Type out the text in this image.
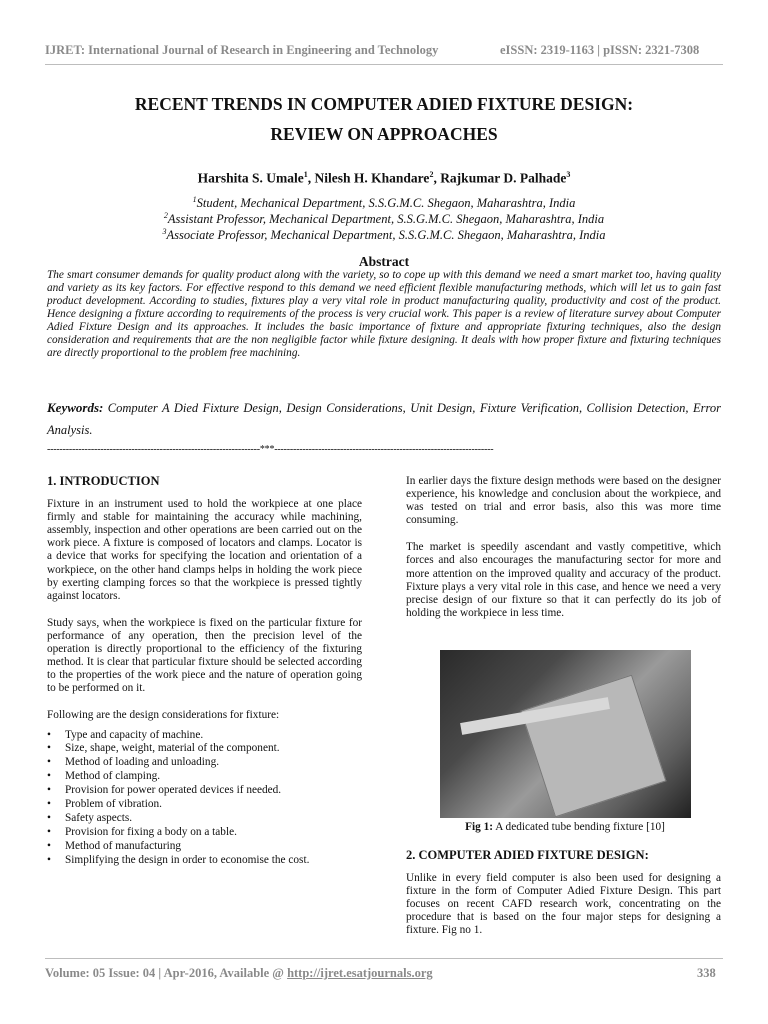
IJRET: International Journal of Research in Engineering and Technology	eISSN: 2319-1163 | pISSN: 2321-7308
RECENT TRENDS IN COMPUTER ADIED FIXTURE DESIGN:
REVIEW ON APPROACHES
Harshita S. Umale$^1$, Nilesh H. Khandare$^2$, Rajkumar D. Palhade$^3$
$^1$Student, Mechanical Department, S.S.G.M.C. Shegaon, Maharashtra, India
$^2$Assistant Professor, Mechanical Department, S.S.G.M.C. Shegaon, Maharashtra, India
$^3$Associate Professor, Mechanical Department, S.S.G.M.C. Shegaon, Maharashtra, India
Abstract
The smart consumer demands for quality product along with the variety, so to cope up with this demand we need a smart market too, having quality and variety as its key factors. For effective respond to this demand we need efficient flexible manufacturing methods, which will let us to gain fast product development. According to studies, fixtures play a very vital role in product manufacturing quality, productivity and cost of the product. Hence designing a fixture according to requirements of the process is very crucial work. This paper is a review of literature survey about Computer Adied Fixture Design and its approaches. It includes the basic importance of fixture and appropriate fixturing techniques, also the design consideration and requirements that are the non negligible factor while fixture designing. It deals with how proper fixture and fixturing techniques are directly proportional to the problem free machining.
Keywords: Computer A Died Fixture Design, Design Considerations, Unit Design, Fixture Verification, Collision Detection, Error Analysis.
--------------------------------------------------------------------***----------------------------------------------------------------------
1. INTRODUCTION

Fixture in an instrument used to hold the workpiece at one place firmly and stable for maintaining the accuracy while machining, assembly, inspection and other operations are been carried out on the work piece. A fixture is composed of locators and clamps. Locator is a device that works for specifying the location and orientation of a workpiece, on the other hand clamps helps in holding the work piece by exerting clamping forces so that the workpiece is pressed tightly against locators.

Study says, when the workpiece is fixed on the particular fixture for performance of any operation, then the precision level of the operation is directly proportional to the efficiency of the fixturing method. It is clear that particular fixture should be selected according to the properties of the work piece and the nature of operation going to be performed on it.

Following are the design considerations for fixture:

• Type and capacity of machine.
• Size, shape, weight, material of the component.
• Method of loading and unloading.
• Method of clamping.
• Provision for power operated devices if needed.
• Problem of vibration.
• Safety aspects.
• Provision for fixing a body on a table.
• Method of manufacturing
• Simplifying the design in order to economise the cost.

In earlier days the fixture design methods were based on the designer experience, his knowledge and conclusion about the workpiece, and was tested on trial and error basis, also this was more time consuming.

The market is speedily ascendant and vastly competitive, which forces and also encourages the manufacturing sector for more and more attention on the improved quality and accuracy of the product. Fixture plays a very vital role in this case, and hence we need a very precise design of our fixture so that it can perfectly do its job of holding the workpiece in less time.

Fig 1: A dedicated tube bending fixture [10]
2. COMPUTER ADIED FIXTURE DESIGN:

Unlike in every field computer is also been used for designing a fixture in the form of Computer Adied Fixture Design. This part focuses on recent CAFD research work, concentrating on the procedure that is based on the four major steps for designing a fixture. Fig no 1.

Volume: 05 Issue: 04 | Apr-2016, Available @ http://ijret.esatjournals.org	338
